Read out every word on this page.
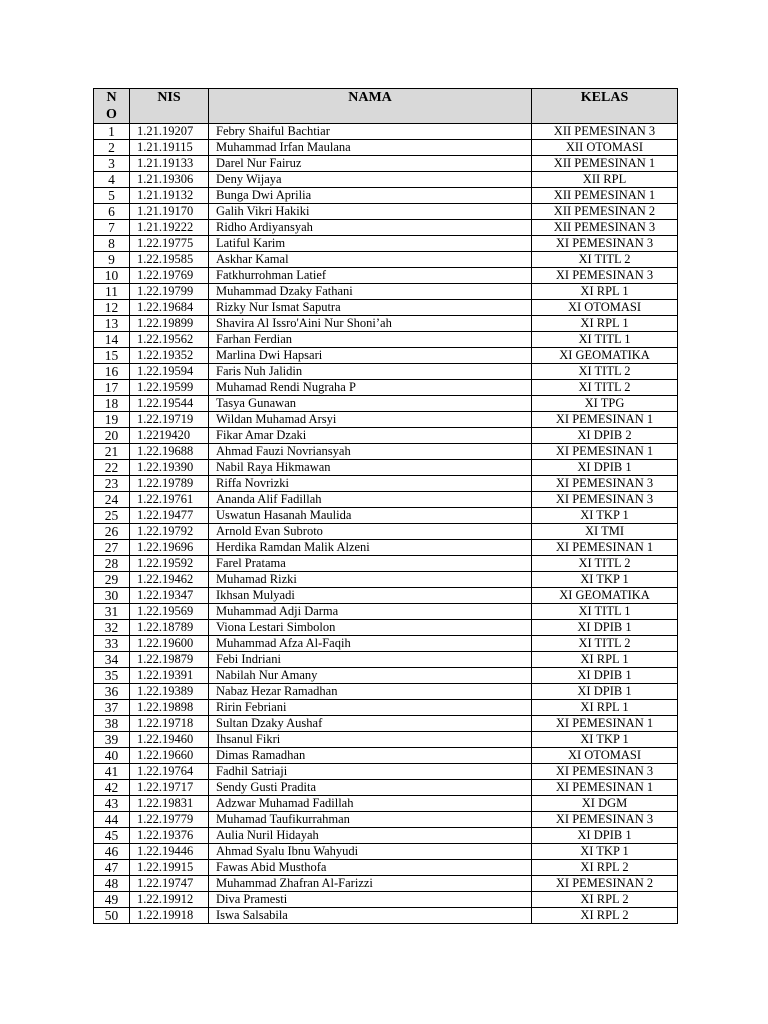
NO	NIS	NAMA	KELAS
1	1.21.19207	Febry Shaiful Bachtiar	XII PEMESINAN 3
2	1.21.19115	Muhammad Irfan Maulana	XII OTOMASI
3	1.21.19133	Darel Nur Fairuz	XII PEMESINAN 1
4	1.21.19306	Deny Wijaya	XII RPL
5	1.21.19132	Bunga Dwi Aprilia	XII PEMESINAN 1
6	1.21.19170	Galih Vikri Hakiki	XII PEMESINAN 2
7	1.21.19222	Ridho Ardiyansyah	XII PEMESINAN 3
8	1.22.19775	Latiful Karim	XI PEMESINAN 3
9	1.22.19585	Askhar Kamal	XI TITL 2
10	1.22.19769	Fatkhurrohman Latief	XI PEMESINAN 3
11	1.22.19799	Muhammad Dzaky Fathani	XI RPL 1
12	1.22.19684	Rizky Nur Ismat Saputra	XI OTOMASI
13	1.22.19899	Shavira Al Issro'Aini Nur Shoni’ah	XI RPL 1
14	1.22.19562	Farhan Ferdian	XI TITL 1
15	1.22.19352	Marlina Dwi Hapsari	XI GEOMATIKA
16	1.22.19594	Faris Nuh Jalidin	XI TITL 2
17	1.22.19599	Muhamad Rendi Nugraha P	XI TITL 2
18	1.22.19544	Tasya Gunawan	XI TPG
19	1.22.19719	Wildan Muhamad Arsyi	XI PEMESINAN 1
20	1.2219420	Fikar Amar Dzaki	XI DPIB 2
21	1.22.19688	Ahmad Fauzi Novriansyah	XI PEMESINAN 1
22	1.22.19390	Nabil Raya Hikmawan	XI DPIB 1
23	1.22.19789	Riffa Novrizki	XI PEMESINAN 3
24	1.22.19761	Ananda Alif Fadillah	XI PEMESINAN 3
25	1.22.19477	Uswatun Hasanah Maulida	XI TKP 1
26	1.22.19792	Arnold Evan Subroto	XI TMI
27	1.22.19696	Herdika Ramdan Malik Alzeni	XI PEMESINAN 1
28	1.22.19592	Farel Pratama	XI TITL 2
29	1.22.19462	Muhamad Rizki	XI TKP 1
30	1.22.19347	Ikhsan Mulyadi	XI GEOMATIKA
31	1.22.19569	Muhammad Adji Darma	XI TITL 1
32	1.22.18789	Viona Lestari Simbolon	XI DPIB 1
33	1.22.19600	Muhammad Afza Al-Faqih	XI TITL 2
34	1.22.19879	Febi Indriani	XI RPL 1
35	1.22.19391	Nabilah Nur Amany	XI DPIB 1
36	1.22.19389	Nabaz Hezar Ramadhan	XI DPIB 1
37	1.22.19898	Ririn Febriani	XI RPL 1
38	1.22.19718	Sultan Dzaky Aushaf	XI PEMESINAN 1
39	1.22.19460	Ihsanul Fikri	XI TKP 1
40	1.22.19660	Dimas Ramadhan	XI OTOMASI
41	1.22.19764	Fadhil Satriaji	XI PEMESINAN 3
42	1.22.19717	Sendy Gusti Pradita	XI PEMESINAN 1
43	1.22.19831	Adzwar Muhamad Fadillah	XI DGM
44	1.22.19779	Muhamad Taufikurrahman	XI PEMESINAN 3
45	1.22.19376	Aulia Nuril Hidayah	XI DPIB 1
46	1.22.19446	Ahmad Syalu Ibnu Wahyudi	XI TKP 1
47	1.22.19915	Fawas Abid Musthofa	XI RPL 2
48	1.22.19747	Muhammad Zhafran Al-Farizzi	XI PEMESINAN 2
49	1.22.19912	Diva Pramesti	XI RPL 2
50	1.22.19918	Iswa Salsabila	XI RPL 2
